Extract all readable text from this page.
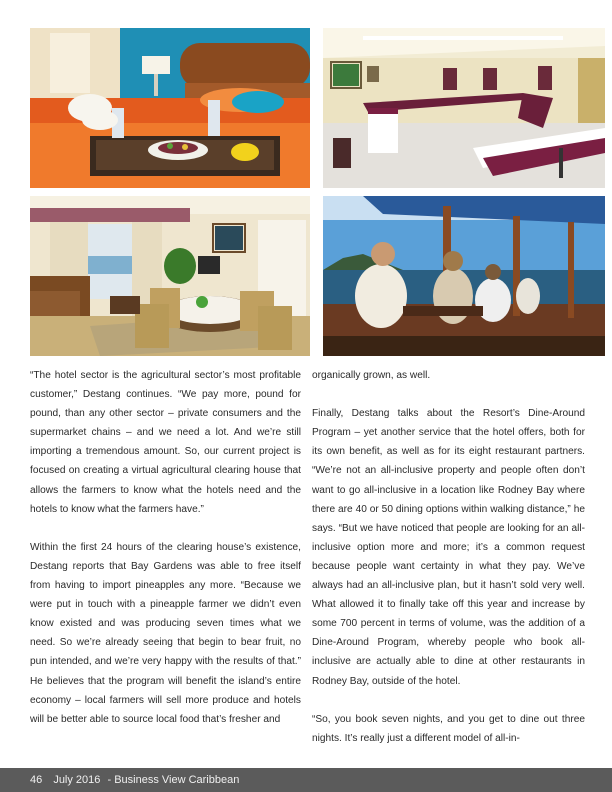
“The hotel sector is the agricultural sector’s most profitable customer,” Destang continues. “We pay more, pound for pound, than any other sector – private consumers and the supermarket chains – and we need a lot. And we’re still importing a tremendous amount. So, our current project is focused on creating a virtual agricultural clearing house that allows the farmers to know what the hotels need and the hotels to know what the farmers have.”

Within the first 24 hours of the clearing house’s existence, Destang reports that Bay Gardens was able to free itself from having to import pineapples any more. “Because we were put in touch with a pineapple farmer we didn’t even know existed and was producing seven times what we need. So we’re already seeing that begin to bear fruit, no pun intended, and we’re very happy with the results of that.” He believes that the program will benefit the island’s entire economy – local farmers will sell more produce and hotels will be better able to source local food that’s fresher and

organically grown, as well.

Finally, Destang talks about the Resort’s Dine-Around Program – yet another service that the hotel offers, both for its own benefit, as well as for its eight restaurant partners. “We’re not an all-inclusive property and people often don’t want to go all-inclusive in a location like Rodney Bay where there are 40 or 50 dining options within walking distance,” he says. “But we have noticed that people are looking for an all-inclusive option more and more; it’s a common request because people want certainty in what they pay. We’ve always had an all-inclusive plan, but it hasn’t sold very well. What allowed it to finally take off this year and increase by some 700 percent in terms of volume, was the addition of a Dine-Around Program, whereby people who book all-inclusive are actually able to dine at other restaurants in Rodney Bay, outside of the hotel.

“So, you book seven nights, and you get to dine out three nights. It’s really just a different model of all-in-

46 July 2016 - Business View Caribbean
